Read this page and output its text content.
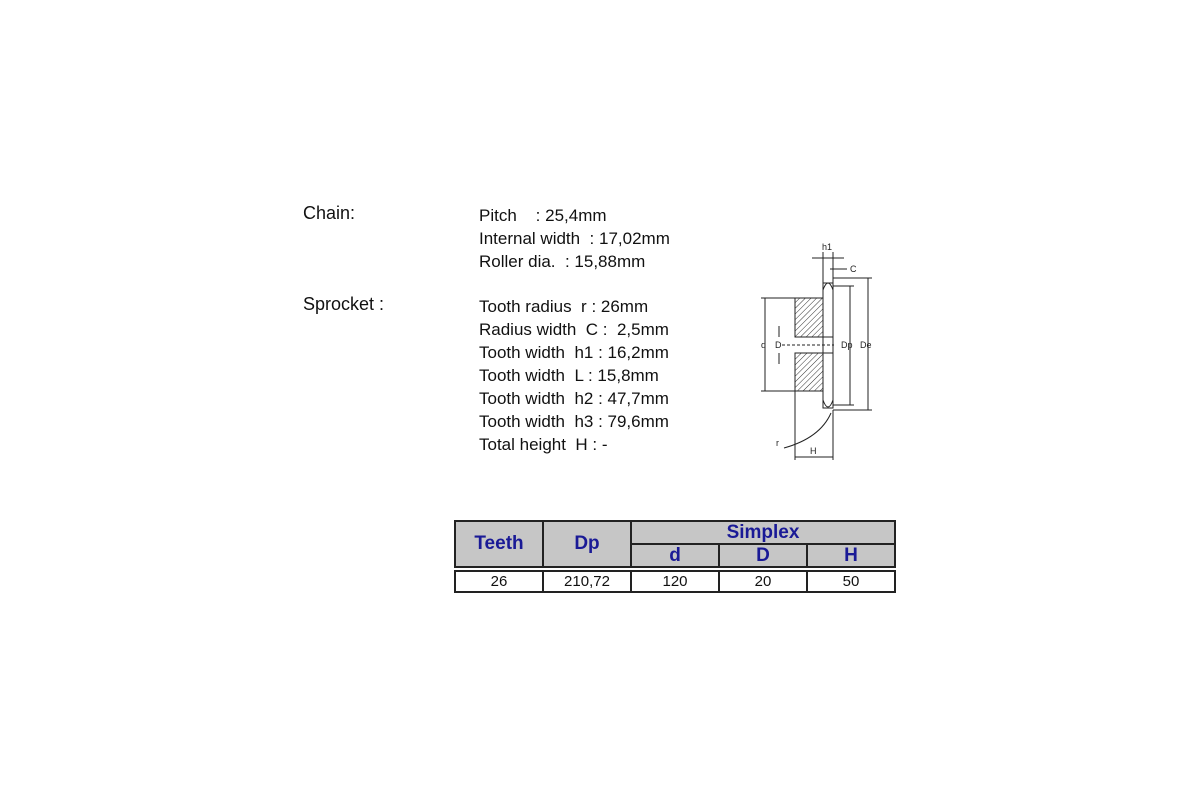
Chain:	Pitch    : 25,4mm
Internal width  : 17,02mm
Roller dia.  : 15,88mm
Sprocket :	Tooth radius  r : 26mm
Radius width  C :  2,5mm
Tooth width  h1 : 16,2mm
Tooth width  L : 15,8mm
Tooth width  h2 : 47,7mm
Tooth width  h3 : 79,6mm
Total height  H : -
h1
C
d D	Dp De
r
H
Teeth	Dp	Simplex		
		d	D	H

26	210,72	120	20	50
